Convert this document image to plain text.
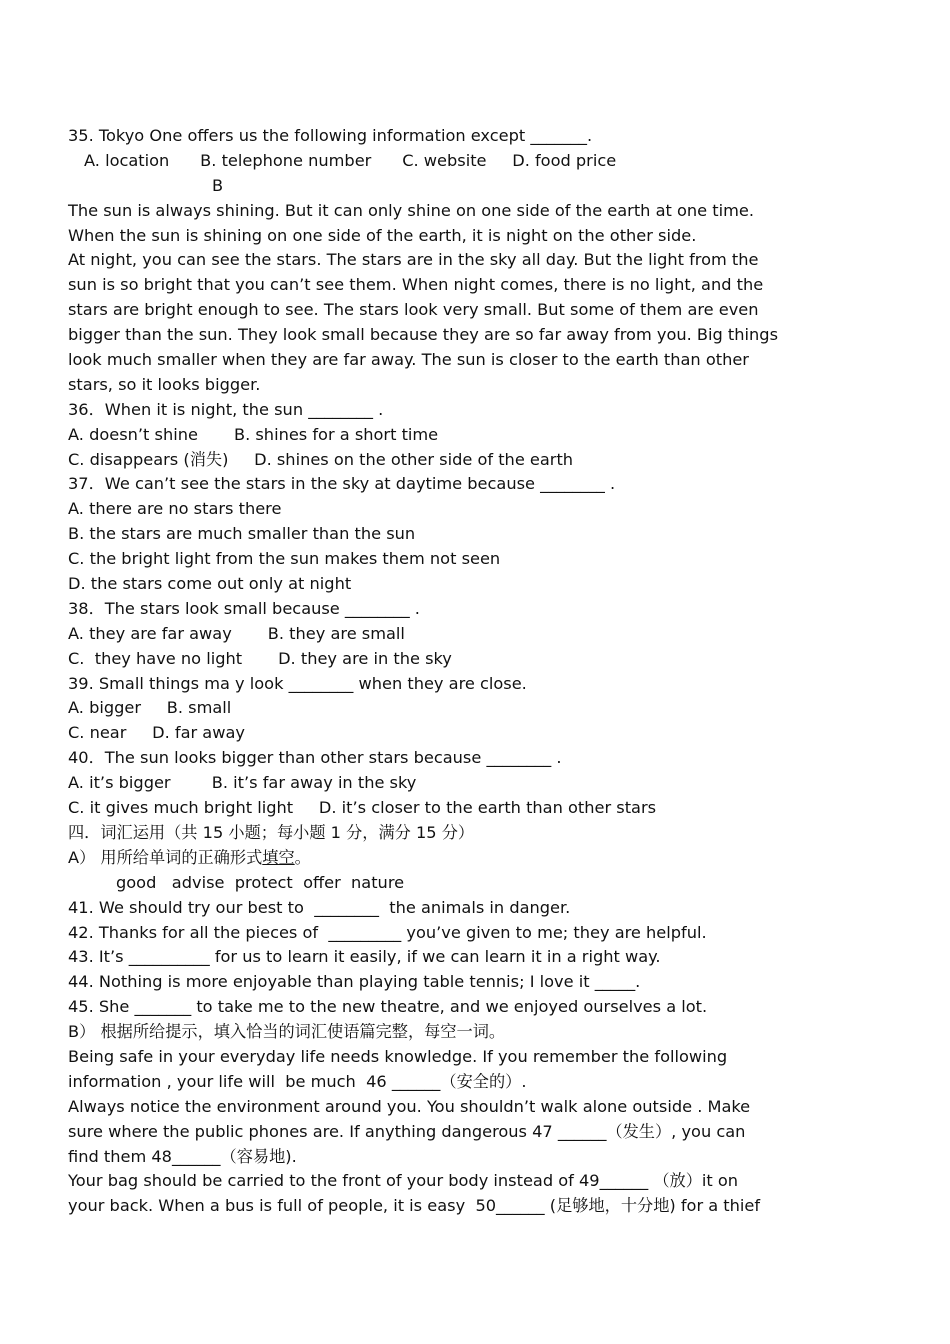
35. Tokyo One offers us the following information except _______.
A. location      B. telephone number      C. website     D. food price
B
The sun is always shining. But it can only shine on one side of the earth at one time.
When the sun is shining on one side of the earth, it is night on the other side.
At night, you can see the stars. The stars are in the sky all day. But the light from the
sun is so bright that you can’t see them. When night comes, there is no light, and the
stars are bright enough to see. The stars look very small. But some of them are even
bigger than the sun. They look small because they are so far away from you. Big things
look much smaller when they are far away. The sun is closer to the earth than other
stars, so it looks bigger.
36．When it is night, the sun ________ .
A. doesn’t shine       B. shines for a short time
C. disappears (消失)     D. shines on the other side of the earth
37．We can’t see the stars in the sky at daytime because ________ .
A. there are no stars there
B. the stars are much smaller than the sun
C. the bright light from the sun makes them not seen
D. the stars come out only at night
38．The stars look small because ________ .
A. they are far away       B. they are small
C.  they have no light       D. they are in the sky
39. Small things ma y look ________ when they are close.
A. bigger     B. small
C. near     D. far away
40．The sun looks bigger than other stars because ________ .
A. it’s bigger        B. it’s far away in the sky
C. it gives much bright light     D. it’s closer to the earth than other stars
四．词汇运用（共 15 小题；每小题 1 分，满分 15 分）
A） 用所给单词的正确形式填空。
good   advise  protect  offer  nature
41. We should try our best to  ________  the animals in danger.
42. Thanks for all the pieces of  _________ you’ve given to me; they are helpful.
43. It’s __________ for us to learn it easily, if we can learn it in a right way.
44. Nothing is more enjoyable than playing table tennis; I love it _____.
45. She _______ to take me to the new theatre, and we enjoyed ourselves a lot.
B） 根据所给提示，填入恰当的词汇使语篇完整，每空一词。
Being safe in your everyday life needs knowledge. If you remember the following
information , your life will  be much  46 ______（安全的）.
Always notice the environment around you. You shouldn’t walk alone outside . Make
sure where the public phones are. If anything dangerous 47 ______（发生）, you can
find them 48______（容易地).
Your bag should be carried to the front of your body instead of 49______ （放）it on
your back. When a bus is full of people, it is easy  50______ (足够地，十分地) for a thief
